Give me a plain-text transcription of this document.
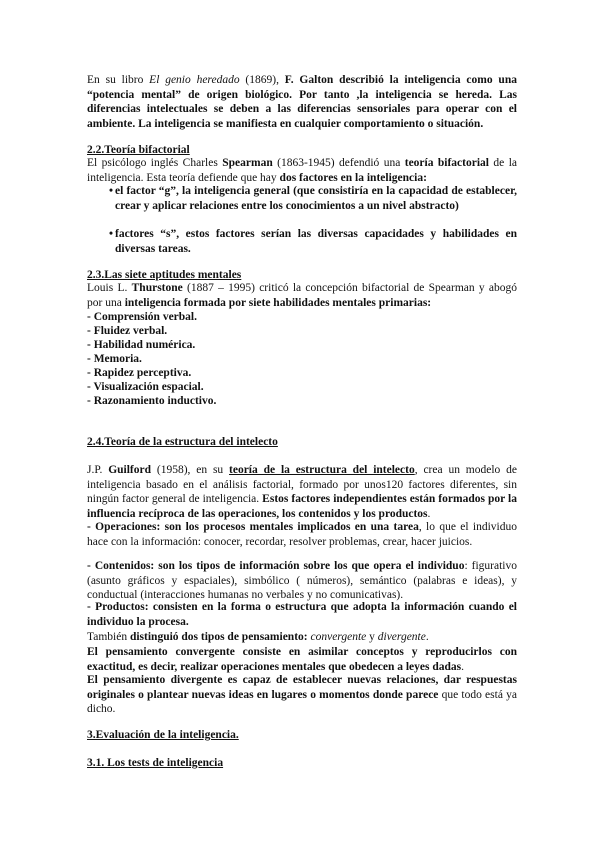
En su libro El genio heredado (1869), F. Galton describió la inteligencia como una “potencia mental” de origen biológico. Por tanto ,la inteligencia se hereda. Las diferencias intelectuales se deben a las diferencias sensoriales para operar con el ambiente. La inteligencia se manifiesta en cualquier comportamiento o situación.
2.2.Teoría bifactorial
El psicólogo inglés Charles Spearman (1863-1945) defendió una teoría bifactorial de la inteligencia. Esta teoría defiende que hay dos factores en la inteligencia:
• el factor “g”, la inteligencia general (que consistiría en la capacidad de establecer, crear y aplicar relaciones entre los conocimientos a un nivel abstracto)
• factores “s”, estos factores serían las diversas capacidades y habilidades en diversas tareas.
2.3.Las siete aptitudes mentales
Louis L. Thurstone (1887 – 1995) criticó la concepción bifactorial de Spearman y abogó por una inteligencia formada por siete habilidades mentales primarias:
- Comprensión verbal.
- Fluidez verbal.
- Habilidad numérica.
- Memoria.
- Rapidez perceptiva.
- Visualización espacial.
- Razonamiento inductivo.
2.4.Teoría de la estructura del intelecto
J.P. Guilford (1958), en su teoría de la estructura del intelecto, crea un modelo de inteligencia basado en el análisis factorial, formado por unos120 factores diferentes, sin ningún factor general de inteligencia. Estos factores independientes están formados por la influencia recíproca de las operaciones, los contenidos y los productos.
- Operaciones: son los procesos mentales implicados en una tarea, lo que el individuo hace con la información: conocer, recordar, resolver problemas, crear, hacer juicios.
- Contenidos: son los tipos de información sobre los que opera el individuo: figurativo (asunto gráficos y espaciales), simbólico ( números), semántico (palabras e ideas), y conductual (interacciones humanas no verbales y no comunicativas).
- Productos: consisten en la forma o estructura que adopta la información cuando el individuo la procesa.
También distinguió dos tipos de pensamiento: convergente y divergente.
El pensamiento convergente consiste en asimilar conceptos y reproducirlos con exactitud, es decir, realizar operaciones mentales que obedecen a leyes dadas.
El pensamiento divergente es capaz de establecer nuevas relaciones, dar respuestas originales o plantear nuevas ideas en lugares o momentos donde parece que todo está ya dicho.
3.Evaluación de la inteligencia.
3.1. Los tests de inteligencia
